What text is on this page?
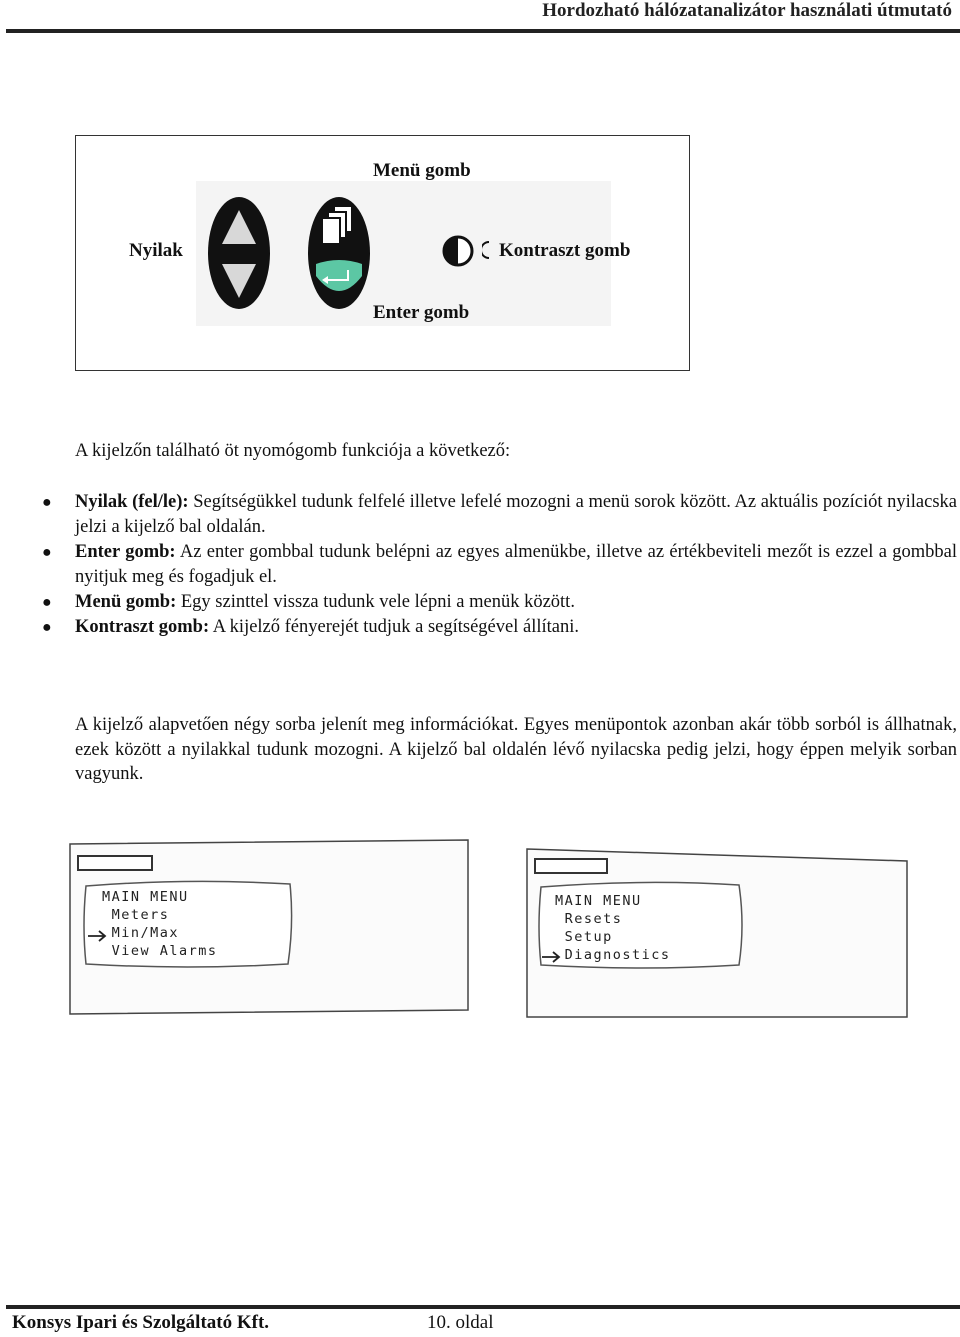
Hordozható hálózatanalizátor használati útmutató
Menü gomb
Nyilak	Kontraszt gomb
Enter gomb
A kijelzőn található öt nyomógomb funkciója a következő:
● Nyilak (fel/le): Segítségükkel tudunk felfelé illetve lefelé mozogni a menü sorok között. Az aktuális pozíciót nyilacska jelzi a kijelző bal oldalán.
● Enter gomb: Az enter gombbal tudunk belépni az egyes almenükbe, illetve az értékbeviteli mezőt is ezzel a gombbal nyitjuk meg és fogadjuk el.
● Menü gomb: Egy szinttel vissza tudunk vele lépni a menük között.
● Kontraszt gomb: A kijelző fényerejét tudjuk a segítségével állítani.
A kijelző alapvetően négy sorba jelenít meg információkat. Egyes menüpontok azonban akár több sorból is állhatnak, ezek között a nyilakkal tudunk mozogni. A kijelző bal oldalén lévő nyilacska pedig jelzi, hogy éppen melyik sorban vagyunk.
MAIN MENU
Meters
Min/Max
View Alarms
MAIN MENU
Resets
Setup
Diagnostics
Konsys Ipari és Szolgáltató Kft.	10. oldal
